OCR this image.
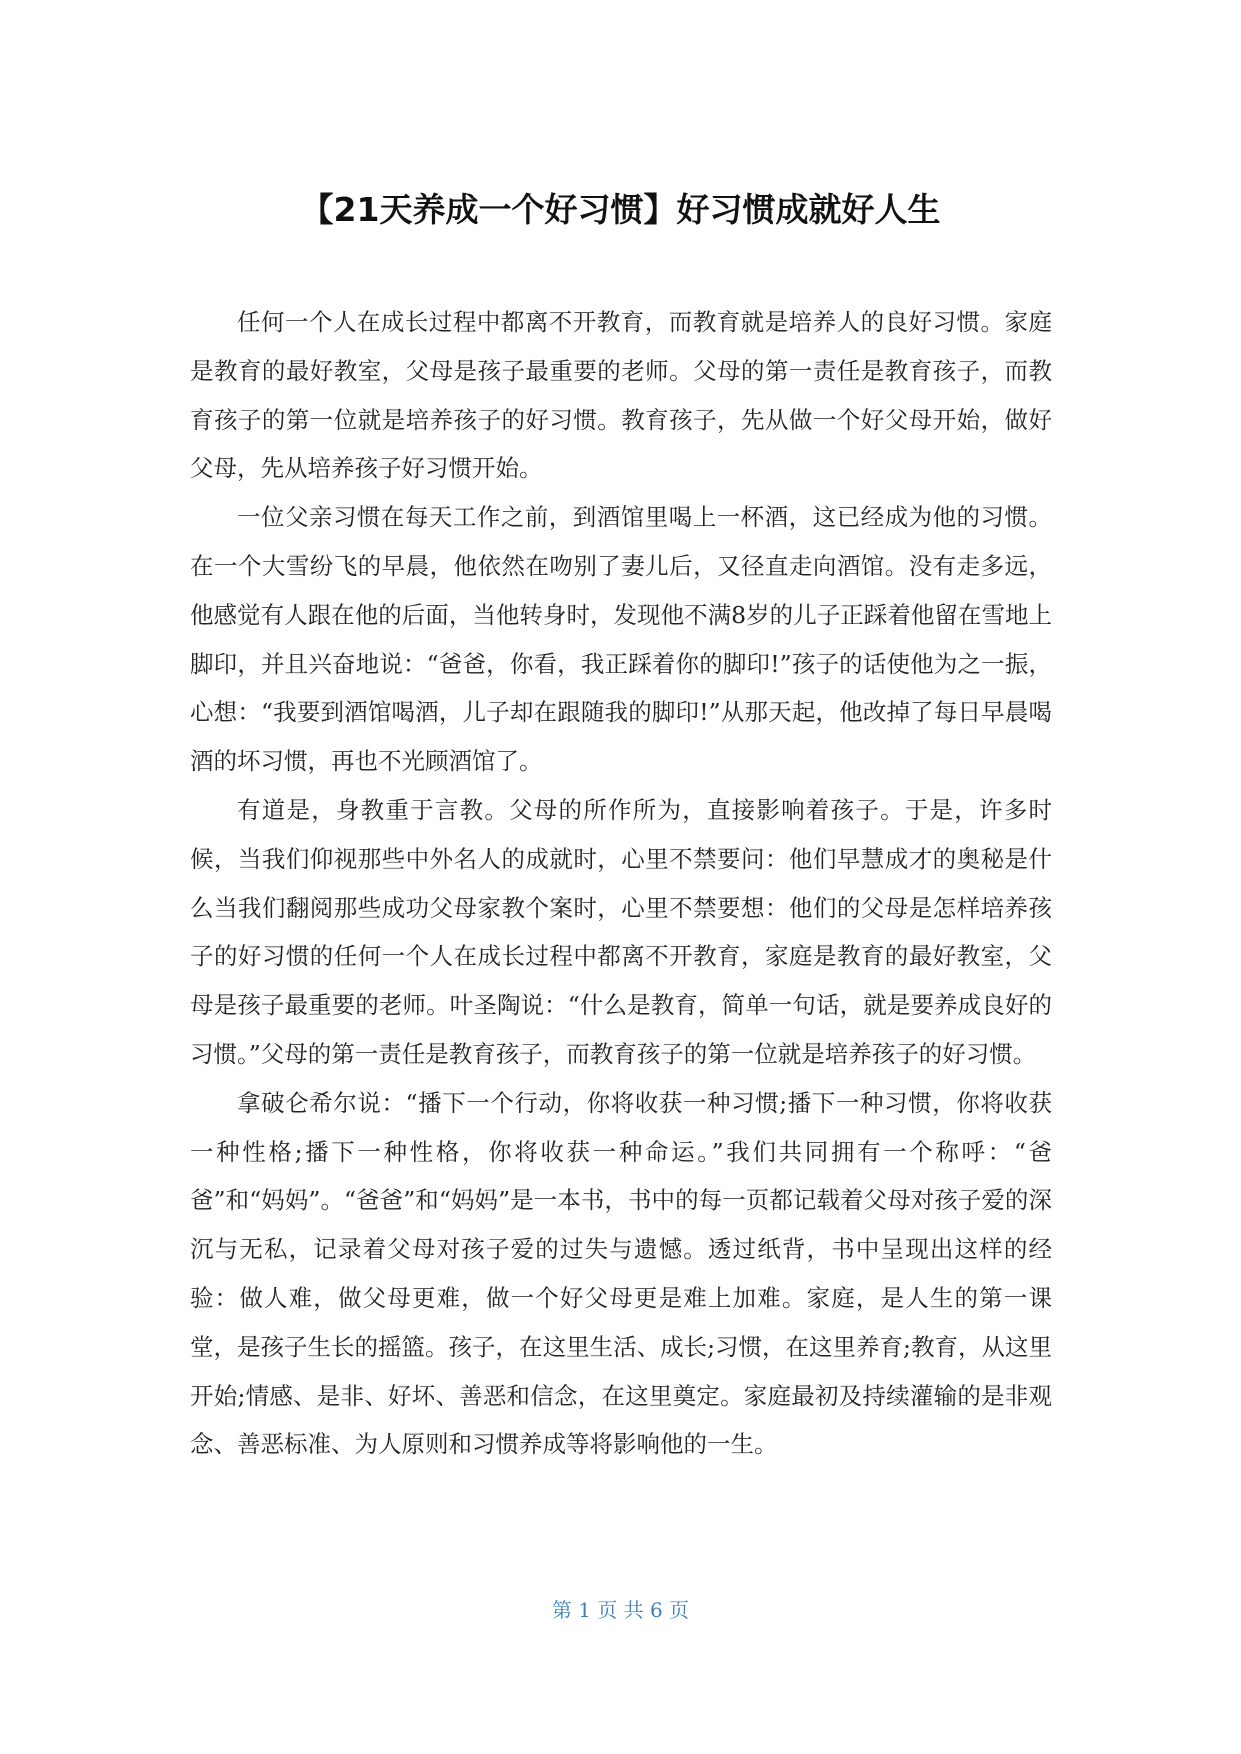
【21天养成一个好习惯】好习惯成就好人生

任何一个人在成长过程中都离不开教育，而教育就是培养人的良好习惯。家庭是教育的最好教室，父母是孩子最重要的老师。父母的第一责任是教育孩子，而教育孩子的第一位就是培养孩子的好习惯。教育孩子，先从做一个好父母开始，做好父母，先从培养孩子好习惯开始。

一位父亲习惯在每天工作之前，到酒馆里喝上一杯酒，这已经成为他的习惯。在一个大雪纷飞的早晨，他依然在吻别了妻儿后，又径直走向酒馆。没有走多远，他感觉有人跟在他的后面，当他转身时，发现他不满8岁的儿子正踩着他留在雪地上脚印，并且兴奋地说：“爸爸，你看，我正踩着你的脚印!”孩子的话使他为之一振，心想：“我要到酒馆喝酒，儿子却在跟随我的脚印!”从那天起，他改掉了每日早晨喝酒的坏习惯，再也不光顾酒馆了。

有道是，身教重于言教。父母的所作所为，直接影响着孩子。于是，许多时候，当我们仰视那些中外名人的成就时，心里不禁要问：他们早慧成才的奥秘是什么当我们翻阅那些成功父母家教个案时，心里不禁要想：他们的父母是怎样培养孩子的好习惯的任何一个人在成长过程中都离不开教育，家庭是教育的最好教室，父母是孩子最重要的老师。叶圣陶说：“什么是教育，简单一句话，就是要养成良好的习惯。”父母的第一责任是教育孩子，而教育孩子的第一位就是培养孩子的好习惯。

拿破仑希尔说：“播下一个行动，你将收获一种习惯;播下一种习惯，你将收获一种性格;播下一种性格，你将收获一种命运。”我们共同拥有一个称呼：“爸爸”和“妈妈”。“爸爸”和“妈妈”是一本书，书中的每一页都记载着父母对孩子爱的深沉与无私，记录着父母对孩子爱的过失与遗憾。透过纸背，书中呈现出这样的经验：做人难，做父母更难，做一个好父母更是难上加难。家庭，是人生的第一课堂，是孩子生长的摇篮。孩子，在这里生活、成长;习惯，在这里养育;教育，从这里开始;情感、是非、好坏、善恶和信念，在这里奠定。家庭最初及持续灌输的是非观念、善恶标准、为人原则和习惯养成等将影响他的一生。

第 1 页 共 6 页
